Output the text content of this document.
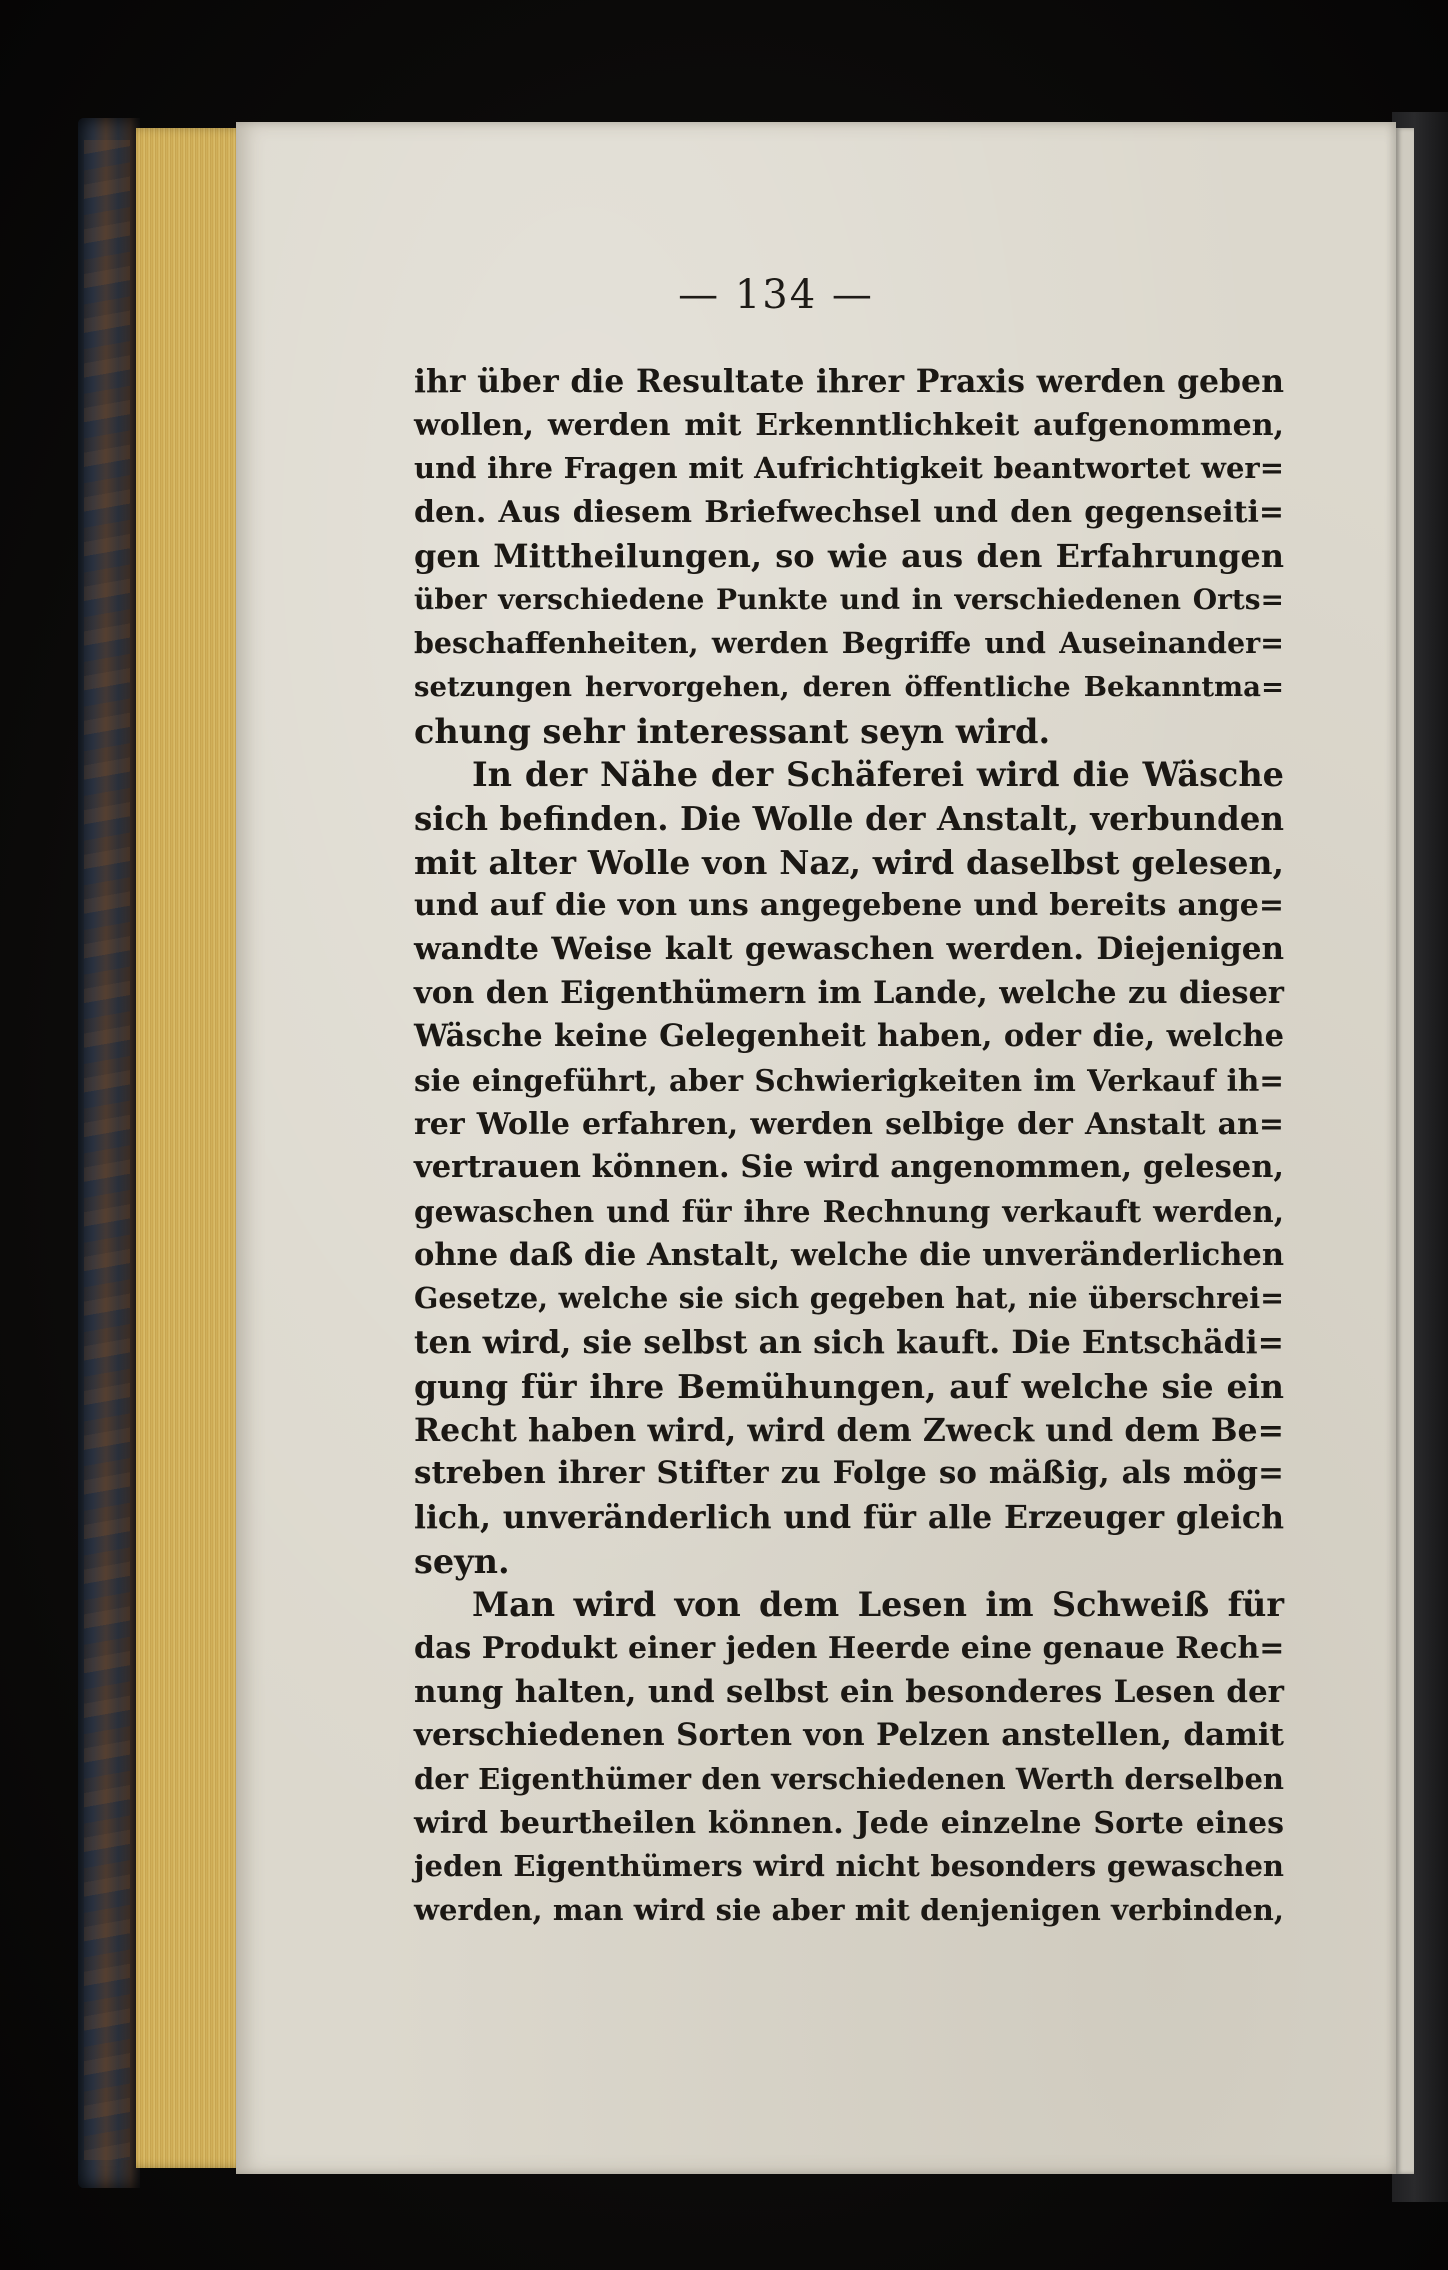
— 134 —
ihr über die Resultate ihrer Praxis werden geben
wollen, werden mit Erkenntlichkeit aufgenommen,
und ihre Fragen mit Aufrichtigkeit beantwortet wer=
den. Aus diesem Briefwechsel und den gegenseiti=
gen Mittheilungen, so wie aus den Erfahrungen
über verschiedene Punkte und in verschiedenen Orts=
beschaffenheiten, werden Begriffe und Auseinander=
setzungen hervorgehen, deren öffentliche Bekanntma=
chung sehr interessant seyn wird.
In der Nähe der Schäferei wird die Wäsche
sich befinden. Die Wolle der Anstalt, verbunden
mit alter Wolle von Naz, wird daselbst gelesen,
und auf die von uns angegebene und bereits ange=
wandte Weise kalt gewaschen werden. Diejenigen
von den Eigenthümern im Lande, welche zu dieser
Wäsche keine Gelegenheit haben, oder die, welche
sie eingeführt, aber Schwierigkeiten im Verkauf ih=
rer Wolle erfahren, werden selbige der Anstalt an=
vertrauen können. Sie wird angenommen, gelesen,
gewaschen und für ihre Rechnung verkauft werden,
ohne daß die Anstalt, welche die unveränderlichen
Gesetze, welche sie sich gegeben hat, nie überschrei=
ten wird, sie selbst an sich kauft. Die Entschädi=
gung für ihre Bemühungen, auf welche sie ein
Recht haben wird, wird dem Zweck und dem Be=
streben ihrer Stifter zu Folge so mäßig, als mög=
lich, unveränderlich und für alle Erzeuger gleich
seyn.
Man wird von dem Lesen im Schweiß für
das Produkt einer jeden Heerde eine genaue Rech=
nung halten, und selbst ein besonderes Lesen der
verschiedenen Sorten von Pelzen anstellen, damit
der Eigenthümer den verschiedenen Werth derselben
wird beurtheilen können. Jede einzelne Sorte eines
jeden Eigenthümers wird nicht besonders gewaschen
werden, man wird sie aber mit denjenigen verbinden,
